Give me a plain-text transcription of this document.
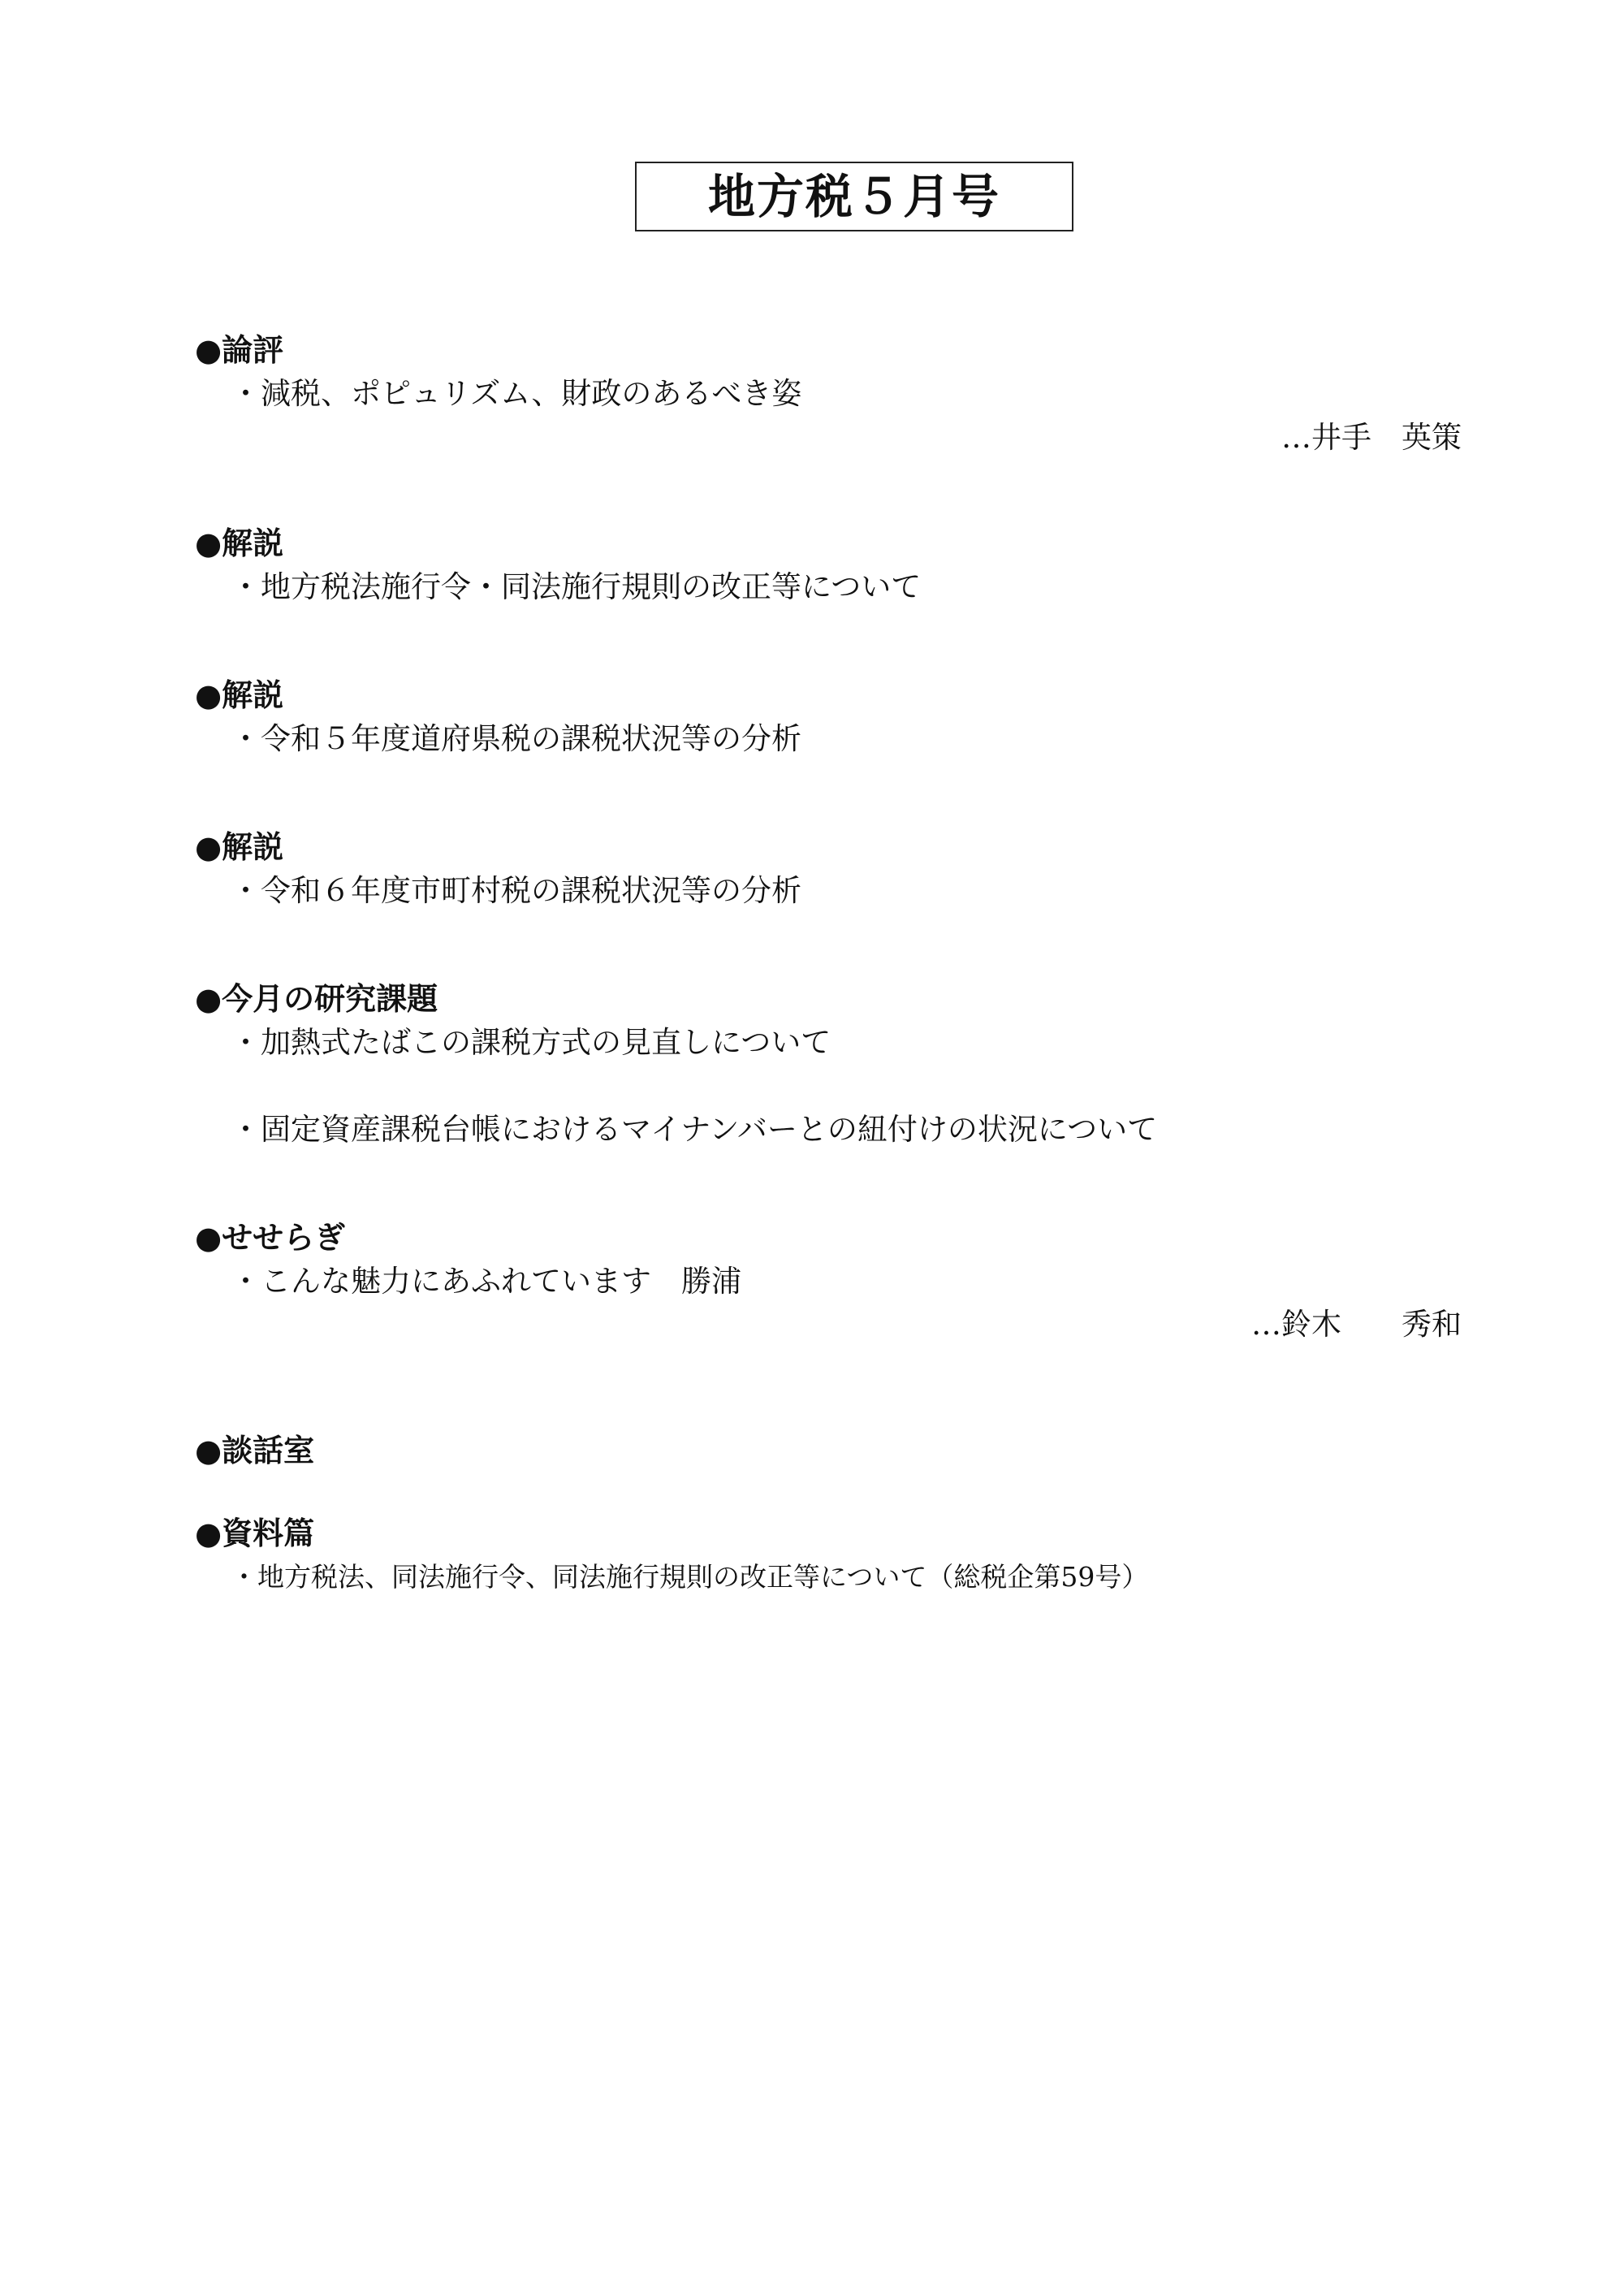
地方税５月号
●論評
・減税、ポピュリズム、財政のあるべき姿
…井手　英策
●解説
・地方税法施行令・同法施行規則の改正等について
●解説
・令和５年度道府県税の課税状況等の分析
●解説
・令和６年度市町村税の課税状況等の分析
●今月の研究課題
・加熱式たばこの課税方式の見直しについて
・固定資産課税台帳におけるマイナンバーとの紐付けの状況について
●せせらぎ
・こんな魅力にあふれています　勝浦
…鈴木　　秀和
●談話室
●資料篇
・地方税法、同法施行令、同法施行規則の改正等について（総税企第59号）
